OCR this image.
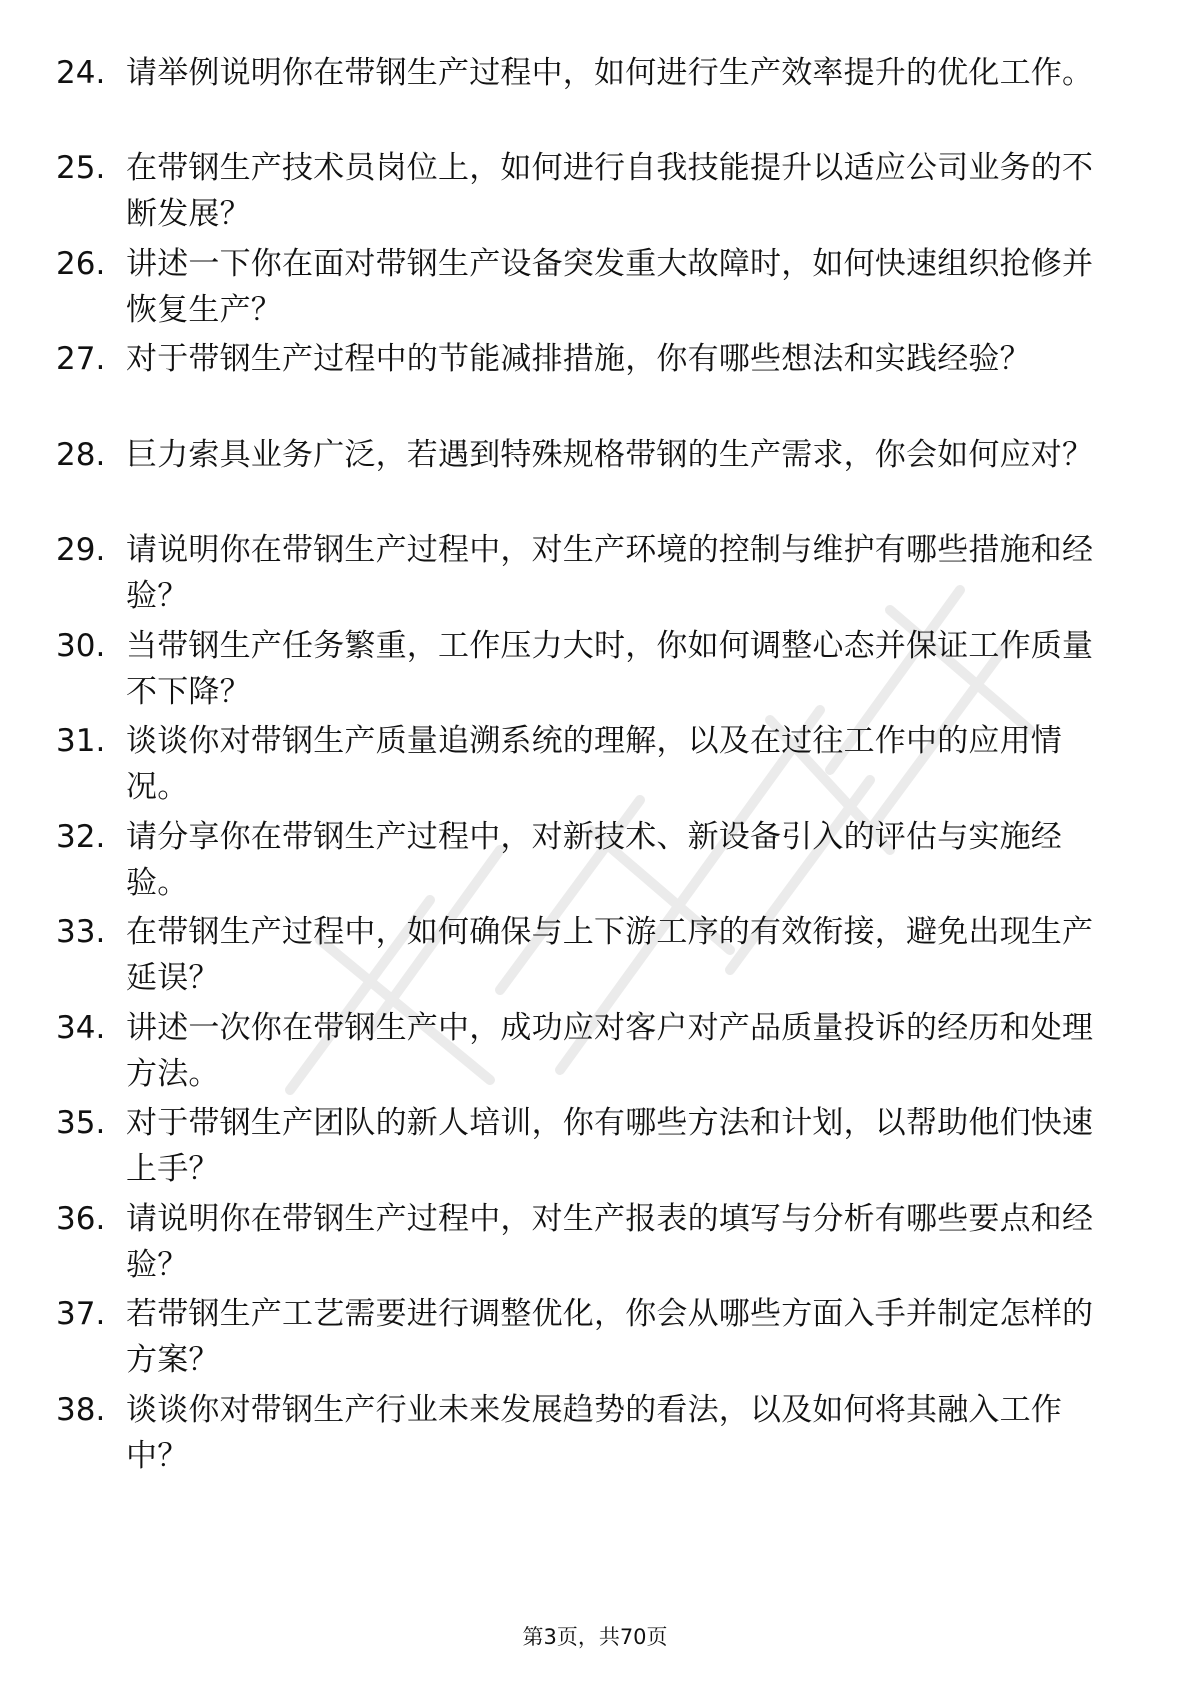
24. 请举例说明你在带钢生产过程中，如何进行生产效率提升的优化工作。
25. 在带钢生产技术员岗位上，如何进行自我技能提升以适应公司业务的不断发展？
26. 讲述一下你在面对带钢生产设备突发重大故障时，如何快速组织抢修并恢复生产？
27. 对于带钢生产过程中的节能减排措施，你有哪些想法和实践经验？
28. 巨力索具业务广泛，若遇到特殊规格带钢的生产需求，你会如何应对？
29. 请说明你在带钢生产过程中，对生产环境的控制与维护有哪些措施和经验？
30. 当带钢生产任务繁重，工作压力大时，你如何调整心态并保证工作质量不下降？
31. 谈谈你对带钢生产质量追溯系统的理解，以及在过往工作中的应用情况。
32. 请分享你在带钢生产过程中，对新技术、新设备引入的评估与实施经验。
33. 在带钢生产过程中，如何确保与上下游工序的有效衔接，避免出现生产延误？
34. 讲述一次你在带钢生产中，成功应对客户对产品质量投诉的经历和处理方法。
35. 对于带钢生产团队的新人培训，你有哪些方法和计划，以帮助他们快速上手？
36. 请说明你在带钢生产过程中，对生产报表的填写与分析有哪些要点和经验？
37. 若带钢生产工艺需要进行调整优化，你会从哪些方面入手并制定怎样的方案？
38. 谈谈你对带钢生产行业未来发展趋势的看法，以及如何将其融入工作中？
第3页，共70页
